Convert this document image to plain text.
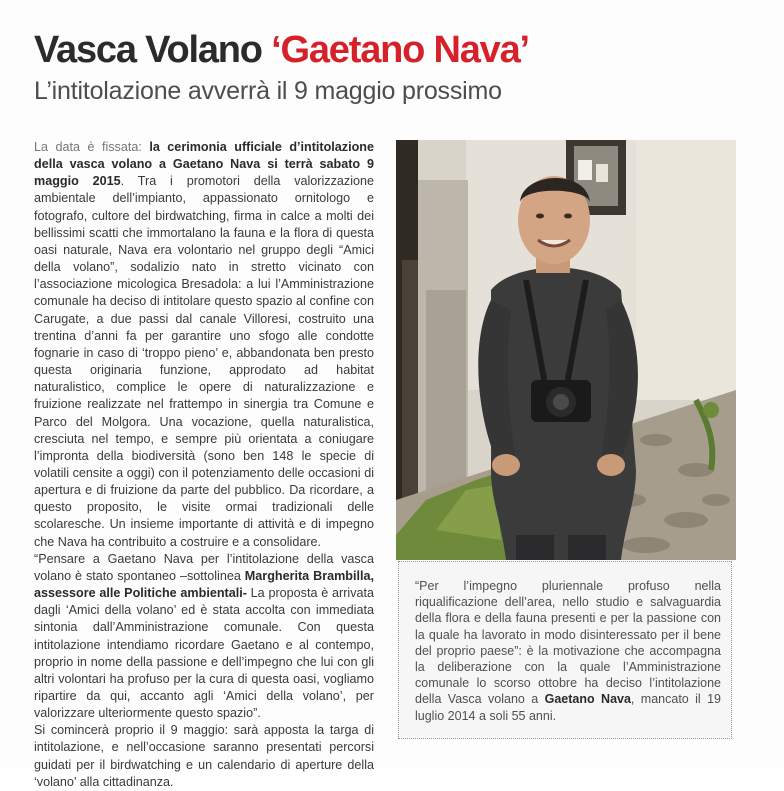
Vasca Volano ‘Gaetano Nava’
L’intitolazione avverrà il 9 maggio prossimo

La data è fissata: la cerimonia ufficiale d’intitolazione della vasca volano a Gaetano Nava si terrà sabato 9 maggio 2015. Tra i promotori della valorizzazione ambientale dell’impianto, appassionato ornitologo e fotografo, cultore del birdwatching, firma in calce a molti dei bellissimi scatti che immortalano la fauna e la flora di questa oasi naturale, Nava era volontario nel gruppo degli “Amici della volano”, sodalizio nato in stretto vicinato con l’associazione micologica Bresadola: a lui l’Amministrazione comunale ha deciso di intitolare questo spazio al confine con Carugate, a due passi dal canale Villoresi, costruito una trentina d’anni fa per garantire uno sfogo alle condotte fognarie in caso di ‘troppo pieno’ e, abbandonata ben presto questa originaria funzione, approdato ad habitat naturalistico, complice le opere di naturalizzazione e fruizione realizzate nel frattempo in sinergia tra Comune e Parco del Molgora. Una vocazione, quella naturalistica, cresciuta nel tempo, e sempre più orientata a coniugare l’impronta della biodiversità (sono ben 148 le specie di volatili censite a oggi) con il potenziamento delle occasioni di apertura e di fruizione da parte del pubblico. Da ricordare, a questo proposito, le visite ormai tradizionali delle scolaresche. Un insieme importante di attività e di impegno che Nava ha contribuito a costruire e a consolidare.

“Pensare a Gaetano Nava per l’intitolazione della vasca volano è stato spontaneo –sottolinea Margherita Brambilla, assessore alle Politiche ambientali- La proposta è arrivata dagli ‘Amici della volano’ ed è stata accolta con immediata sintonia dall’Amministrazione comunale. Con questa intitolazione intendiamo ricordare Gaetano e al contempo, proprio in nome della passione e dell’impegno che lui con gli altri volontari ha profuso per la cura di questa oasi, vogliamo ripartire da qui, accanto agli ‘Amici della volano’, per valorizzare ulteriormente questo spazio”.

Si comincerà proprio il 9 maggio: sarà apposta la targa di intitolazione, e nell’occasione saranno presentati percorsi guidati per il birdwatching e un calendario di aperture della ‘volano’ alla cittadinanza.

“Per l’impegno pluriennale profuso nella riqualificazione dell’area, nello studio e salvaguardia della flora e della fauna presenti e per la passione con la quale ha lavorato in modo disinteressato per il bene del proprio paese”: è la motivazione che accompagna la deliberazione con la quale l’Amministrazione comunale lo scorso ottobre ha deciso l’intitolazione della Vasca volano a Gaetano Nava, mancato il 19 luglio 2014 a soli 55 anni.
